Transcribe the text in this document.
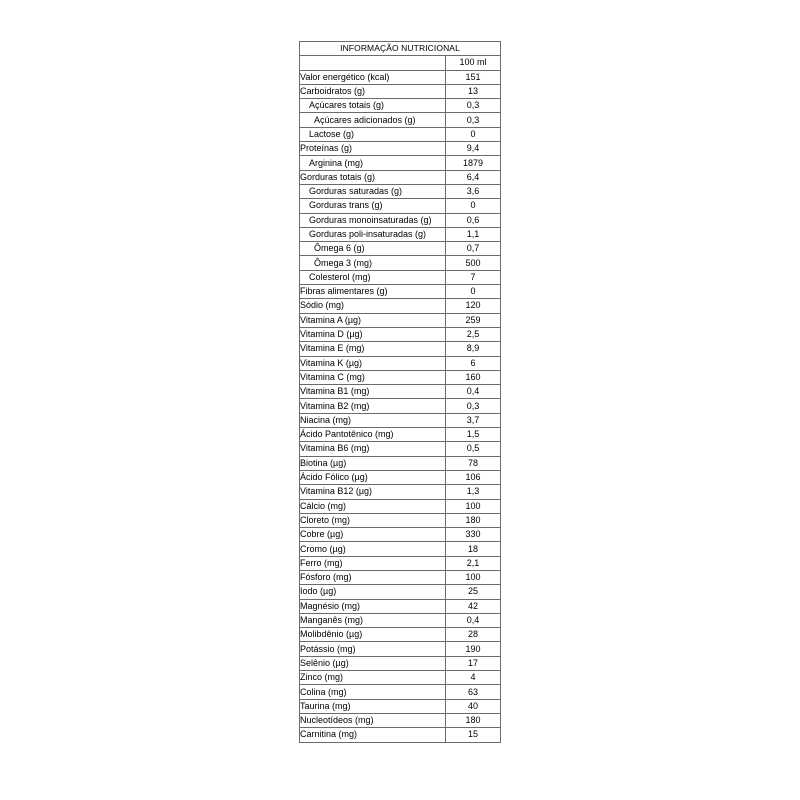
INFORMAÇÃO NUTRICIONAL	
	100 ml
Valor energético (kcal)	151
Carboidratos (g)	13
Açúcares totais (g)	0,3
Açúcares adicionados (g)	0,3
Lactose (g)	0
Proteínas (g)	9,4
Arginina (mg)	1879
Gorduras totais (g)	6,4
Gorduras saturadas (g)	3,6
Gorduras trans (g)	0
Gorduras monoinsaturadas (g)	0,6
Gorduras poli-insaturadas (g)	1,1
Ômega 6 (g)	0,7
Ômega 3 (mg)	500
Colesterol (mg)	7
Fibras alimentares (g)	0
Sódio (mg)	120
Vitamina A (µg)	259
Vitamina D (µg)	2,5
Vitamina E (mg)	8,9
Vitamina K (µg)	6
Vitamina C (mg)	160
Vitamina B1 (mg)	0,4
Vitamina B2 (mg)	0,3
Niacina (mg)	3,7
Ácido Pantotênico (mg)	1,5
Vitamina B6 (mg)	0,5
Biotina (µg)	78
Ácido Fólico (µg)	106
Vitamina B12 (µg)	1,3
Cálcio (mg)	100
Cloreto (mg)	180
Cobre (µg)	330
Cromo (µg)	18
Ferro (mg)	2,1
Fósforo (mg)	100
Iodo (µg)	25
Magnésio (mg)	42
Manganês (mg)	0,4
Molibdênio (µg)	28
Potássio (mg)	190
Selênio (µg)	17
Zinco (mg)	4
Colina (mg)	63
Taurina (mg)	40
Nucleotídeos (mg)	180
Carnitina (mg)	15
